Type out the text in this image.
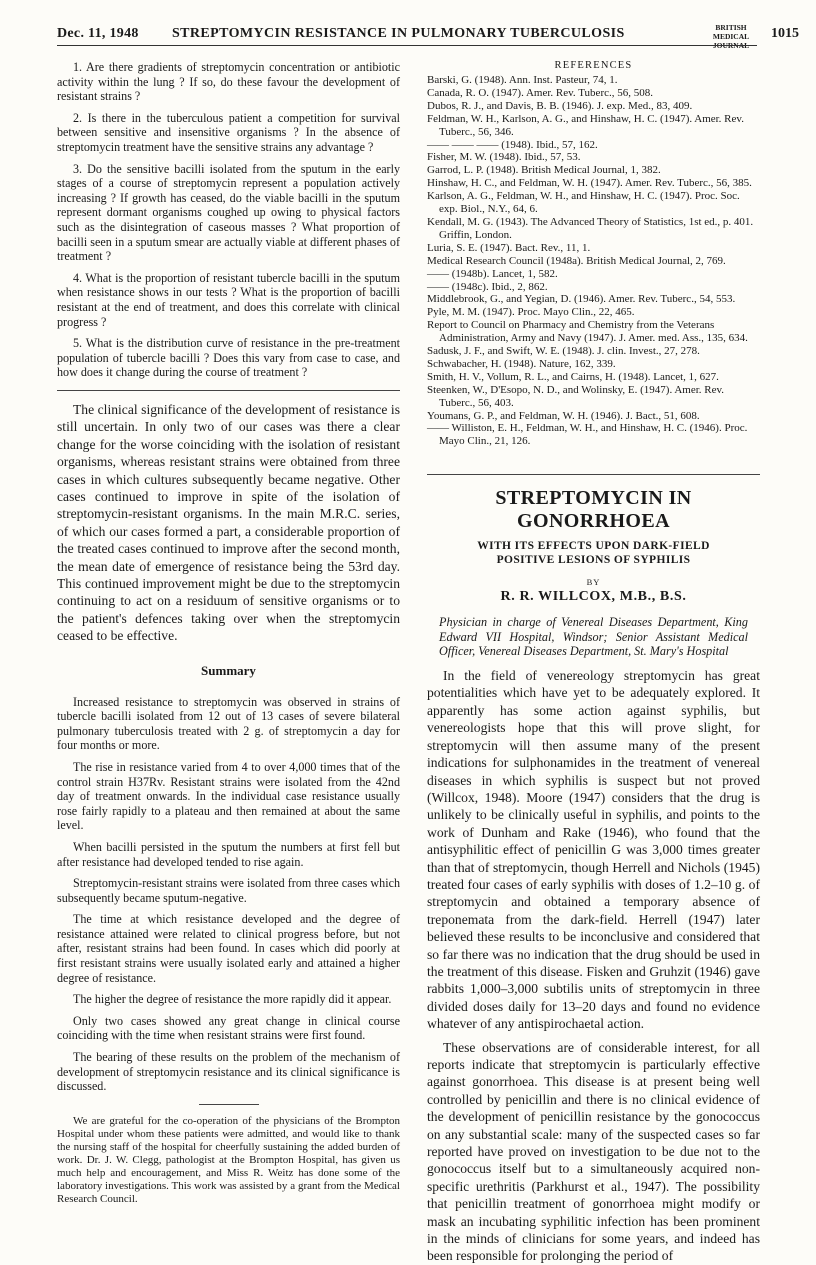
Dec. 11, 1948 STREPTOMYCIN RESISTANCE IN PULMONARY TUBERCULOSIS	BRITISH
MEDICAL JOURNAL
1015

1. Are there gradients of streptomycin concentration or antibiotic activity within the lung ? If so, do these favour the development of resistant strains ?

2. Is there in the tuberculous patient a competition for survival between sensitive and insensitive organisms ? In the absence of streptomycin treatment have the sensitive strains any advantage ?

3. Do the sensitive bacilli isolated from the sputum in the early stages of a course of streptomycin represent a population actively increasing ? If growth has ceased, do the viable bacilli in the sputum represent dormant organisms coughed up owing to physical factors such as the disintegration of caseous masses ? What proportion of bacilli seen in a sputum smear are actually viable at different phases of treatment ?

4. What is the proportion of resistant tubercle bacilli in the sputum when resistance shows in our tests ? What is the proportion of bacilli resistant at the end of treatment, and does this correlate with clinical progress ?

5. What is the distribution curve of resistance in the pre-treatment population of tubercle bacilli ? Does this vary from case to case, and how does it change during the course of treatment ?

The clinical significance of the development of resistance is still uncertain. In only two of our cases was there a clear change for the worse coinciding with the isolation of resistant organisms, whereas resistant strains were obtained from three cases in which cultures subsequently became negative. Other cases continued to improve in spite of the isolation of streptomycin-resistant organisms. In the main M.R.C. series, of which our cases formed a part, a considerable proportion of the treated cases continued to improve after the second month, the mean date of emergence of resistance being the 53rd day. This continued improvement might be due to the streptomycin continuing to act on a residuum of sensitive organisms or to the patient's defences taking over when the streptomycin ceased to be effective.

Summary

Increased resistance to streptomycin was observed in strains of tubercle bacilli isolated from 12 out of 13 cases of severe bilateral pulmonary tuberculosis treated with 2 g. of streptomycin a day for four months or more.

The rise in resistance varied from 4 to over 4,000 times that of the control strain H37Rv. Resistant strains were isolated from the 42nd day of treatment onwards. In the individual case resistance usually rose fairly rapidly to a plateau and then remained at about the same level.

When bacilli persisted in the sputum the numbers at first fell but after resistance had developed tended to rise again.

Streptomycin-resistant strains were isolated from three cases which subsequently became sputum-negative.

The time at which resistance developed and the degree of resistance attained were related to clinical progress before, but not after, resistant strains had been found. In cases which did poorly at first resistant strains were usually isolated early and attained a higher degree of resistance.

The higher the degree of resistance the more rapidly did it appear.

Only two cases showed any great change in clinical course coinciding with the time when resistant strains were first found.

The bearing of these results on the problem of the mechanism of development of streptomycin resistance and its clinical significance is discussed.

We are grateful for the co-operation of the physicians of the Brompton Hospital under whom these patients were admitted, and would like to thank the nursing staff of the hospital for cheerfully sustaining the added burden of work. Dr. J. W. Clegg, pathologist at the Brompton Hospital, has given us much help and encouragement, and Miss R. Weitz has done some of the laboratory investigations. This work was assisted by a grant from the Medical Research Council.

REFERENCES

Barski, G. (1948). Ann. Inst. Pasteur, 74, 1.

Canada, R. O. (1947). Amer. Rev. Tuberc., 56, 508.

Dubos, R. J., and Davis, B. B. (1946). J. exp. Med., 83, 409.

Feldman, W. H., Karlson, A. G., and Hinshaw, H. C. (1947). Amer. Rev. Tuberc., 56, 346.

—— —— —— (1948). Ibid., 57, 162.

Fisher, M. W. (1948). Ibid., 57, 53.

Garrod, L. P. (1948). British Medical Journal, 1, 382.

Hinshaw, H. C., and Feldman, W. H. (1947). Amer. Rev. Tuberc., 56, 385.

Karlson, A. G., Feldman, W. H., and Hinshaw, H. C. (1947). Proc. Soc. exp. Biol., N.Y., 64, 6.

Kendall, M. G. (1943). The Advanced Theory of Statistics, 1st ed., p. 401. Griffin, London.

Luria, S. E. (1947). Bact. Rev., 11, 1.

Medical Research Council (1948a). British Medical Journal, 2, 769.

—— (1948b). Lancet, 1, 582.

—— (1948c). Ibid., 2, 862.

Middlebrook, G., and Yegian, D. (1946). Amer. Rev. Tuberc., 54, 553.

Pyle, M. M. (1947). Proc. Mayo Clin., 22, 465.

Report to Council on Pharmacy and Chemistry from the Veterans Administration, Army and Navy (1947). J. Amer. med. Ass., 135, 634.

Sadusk, J. F., and Swift, W. E. (1948). J. clin. Invest., 27, 278.

Schwabacher, H. (1948). Nature, 162, 339.

Smith, H. V., Vollum, R. L., and Cairns, H. (1948). Lancet, 1, 627.

Steenken, W., D'Esopo, N. D., and Wolinsky, E. (1947). Amer. Rev. Tuberc., 56, 403.

Youmans, G. P., and Feldman, W. H. (1946). J. Bact., 51, 608.

—— Williston, E. H., Feldman, W. H., and Hinshaw, H. C. (1946). Proc. Mayo Clin., 21, 126.

STREPTOMYCIN IN GONORRHOEA
WITH ITS EFFECTS UPON DARK-FIELD POSITIVE LESIONS OF SYPHILIS
BY
R. R. WILLCOX, M.B., B.S.

Physician in charge of Venereal Diseases Department, King Edward VII Hospital, Windsor; Senior Assistant Medical Officer, Venereal Diseases Department, St. Mary's Hospital

In the field of venereology streptomycin has great potentialities which have yet to be adequately explored. It apparently has some action against syphilis, but venereologists hope that this will prove slight, for streptomycin will then assume many of the present indications for sulphonamides in the treatment of venereal diseases in which syphilis is suspect but not proved (Willcox, 1948). Moore (1947) considers that the drug is unlikely to be clinically useful in syphilis, and points to the work of Dunham and Rake (1946), who found that the antisyphilitic effect of penicillin G was 3,000 times greater than that of streptomycin, though Herrell and Nichols (1945) treated four cases of early syphilis with doses of 1.2–10 g. of streptomycin and obtained a temporary absence of treponemata from the dark-field. Herrell (1947) later believed these results to be inconclusive and considered that so far there was no indication that the drug should be used in the treatment of this disease. Fisken and Gruhzit (1946) gave rabbits 1,000–3,000 subtilis units of streptomycin in three divided doses daily for 13–20 days and found no evidence whatever of any antispirochaetal action.

These observations are of considerable interest, for all reports indicate that streptomycin is particularly effective against gonorrhoea. This disease is at present being well controlled by penicillin and there is no clinical evidence of the development of penicillin resistance by the gonococcus on any substantial scale: many of the suspected cases so far reported have proved on investigation to be due not to the gonococcus itself but to a simultaneously acquired non-specific urethritis (Parkhurst et al., 1947). The possibility that penicillin treatment of gonorrhoea might modify or mask an incubating syphilitic infection has been prominent in the minds of clinicians for some years, and indeed has been responsible for prolonging the period of
